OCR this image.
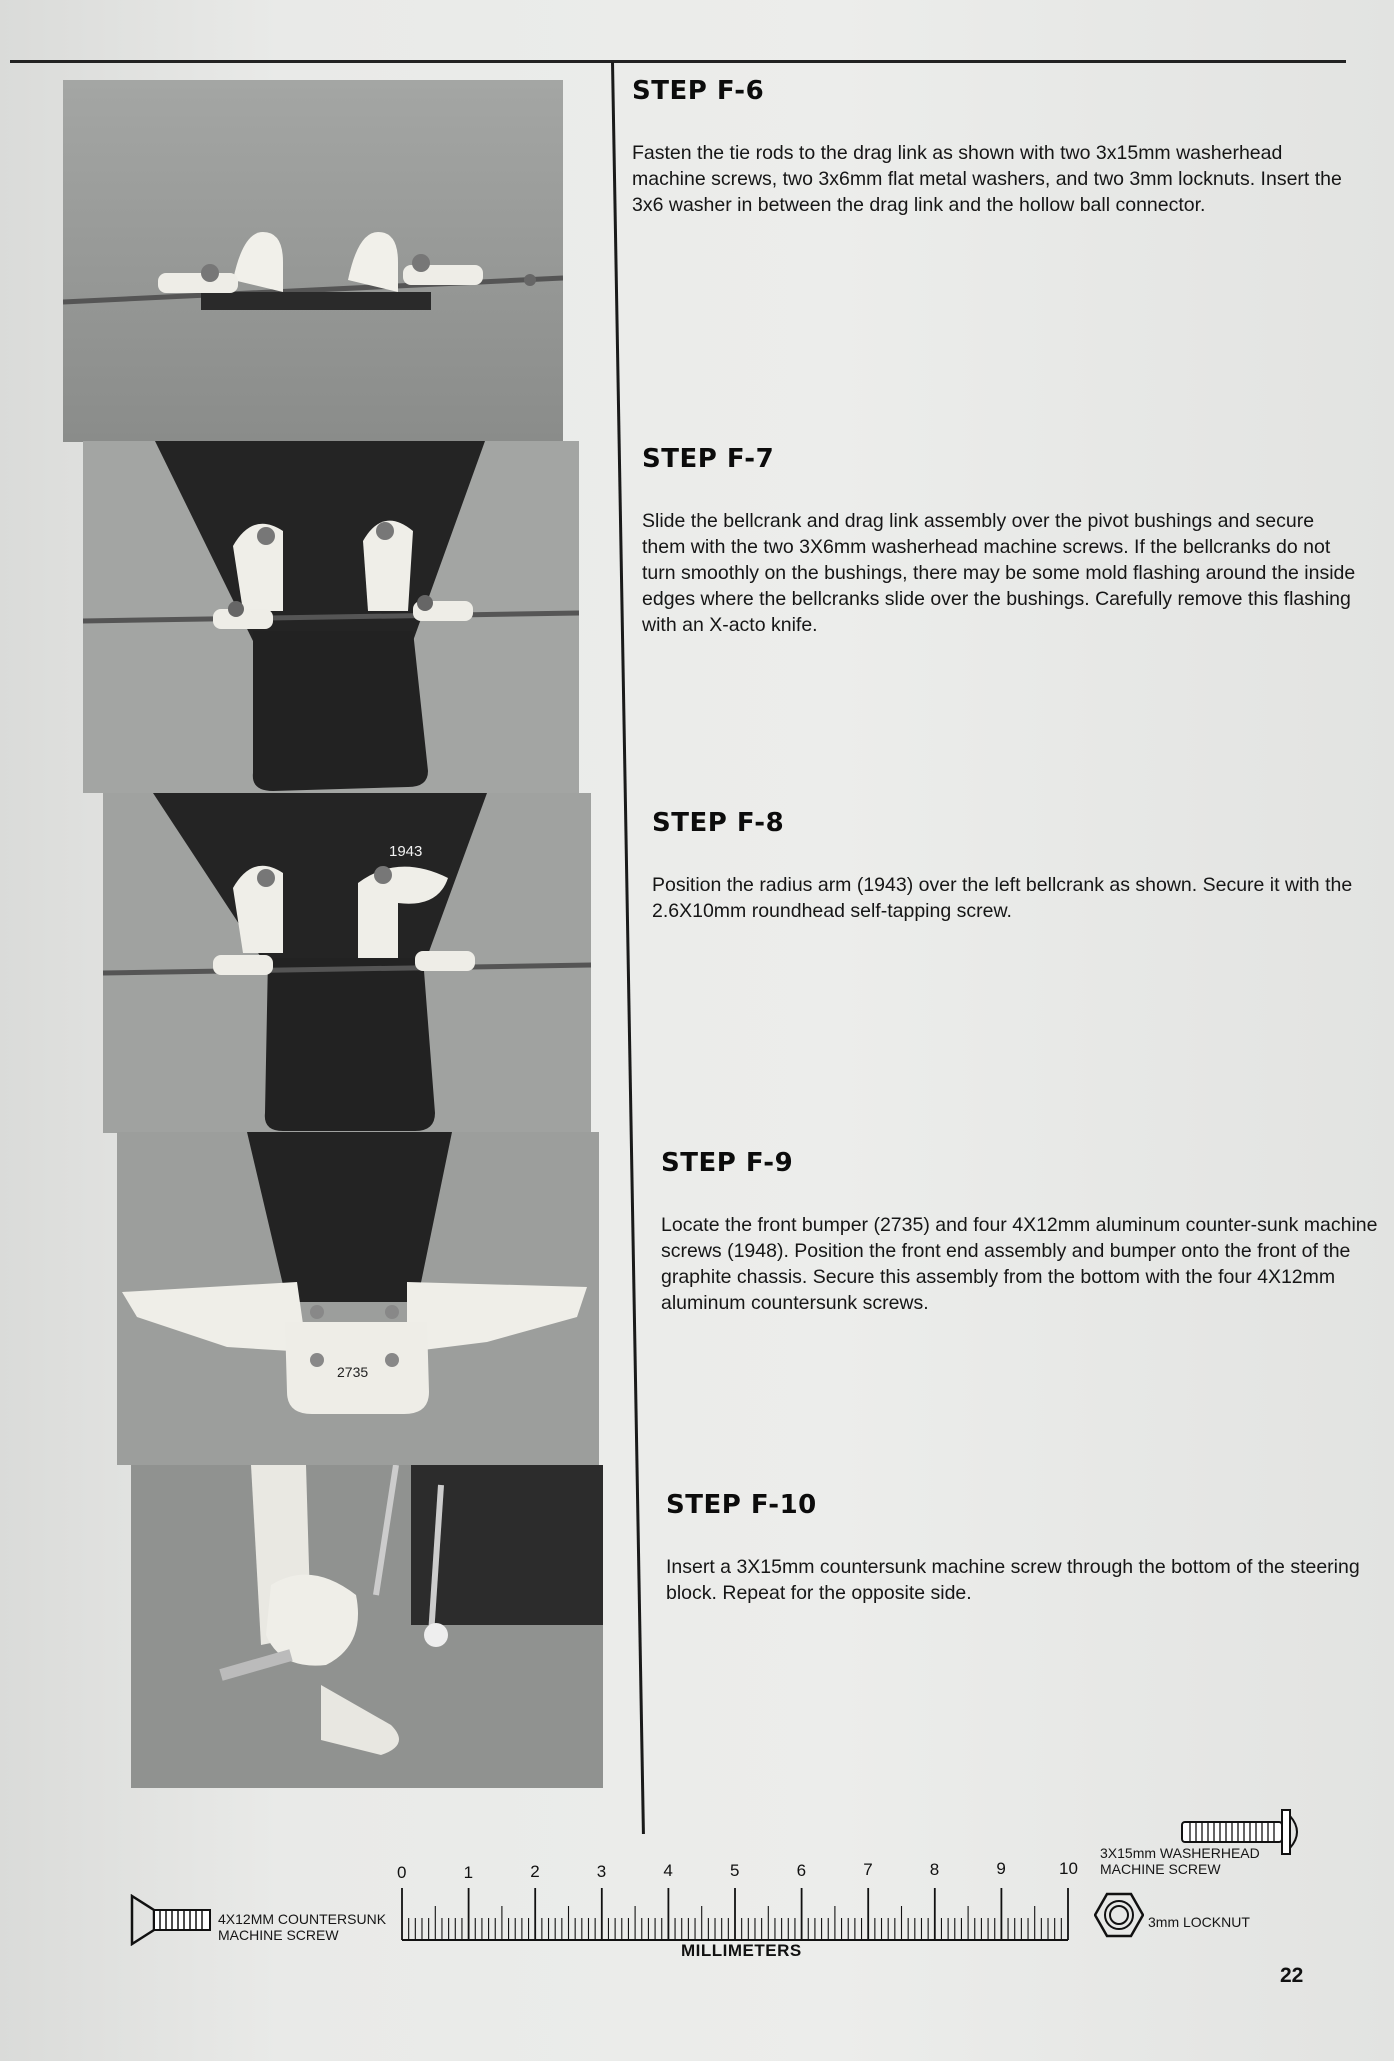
1943
2735
STEP F-6

Fasten the tie rods to the drag link as shown with two 3x15mm washerhead machine screws, two 3x6mm flat metal washers, and two 3mm locknuts. Insert the 3x6 washer in between the drag link and the hollow ball connector.

STEP F-7

Slide the bellcrank and drag link assembly over the pivot bushings and secure them with the two 3X6mm washerhead machine screws. If the bellcranks do not turn smoothly on the bushings, there may be some mold flashing around the inside edges where the bellcranks slide over the bushings. Carefully remove this flashing with an X-acto knife.

STEP F-8

Position the radius arm (1943) over the left bellcrank as shown. Secure it with the 2.6X10mm roundhead self-tapping screw.

STEP F-9

Locate the front bumper (2735) and four 4X12mm aluminum counter-sunk machine screws (1948). Position the front end assembly and bumper onto the front of the graphite chassis. Secure this assembly from the bottom with the four 4X12mm aluminum countersunk screws.

STEP F-10

Insert a 3X15mm countersunk machine screw through the bottom of the steering block. Repeat for the opposite side.

4X12MM COUNTERSUNK MACHINE SCREW
0	1	2	3	4	5	6	7	8	9	10
MILLIMETERS
3X15mm WASHERHEAD MACHINE SCREW
3mm LOCKNUT
22
